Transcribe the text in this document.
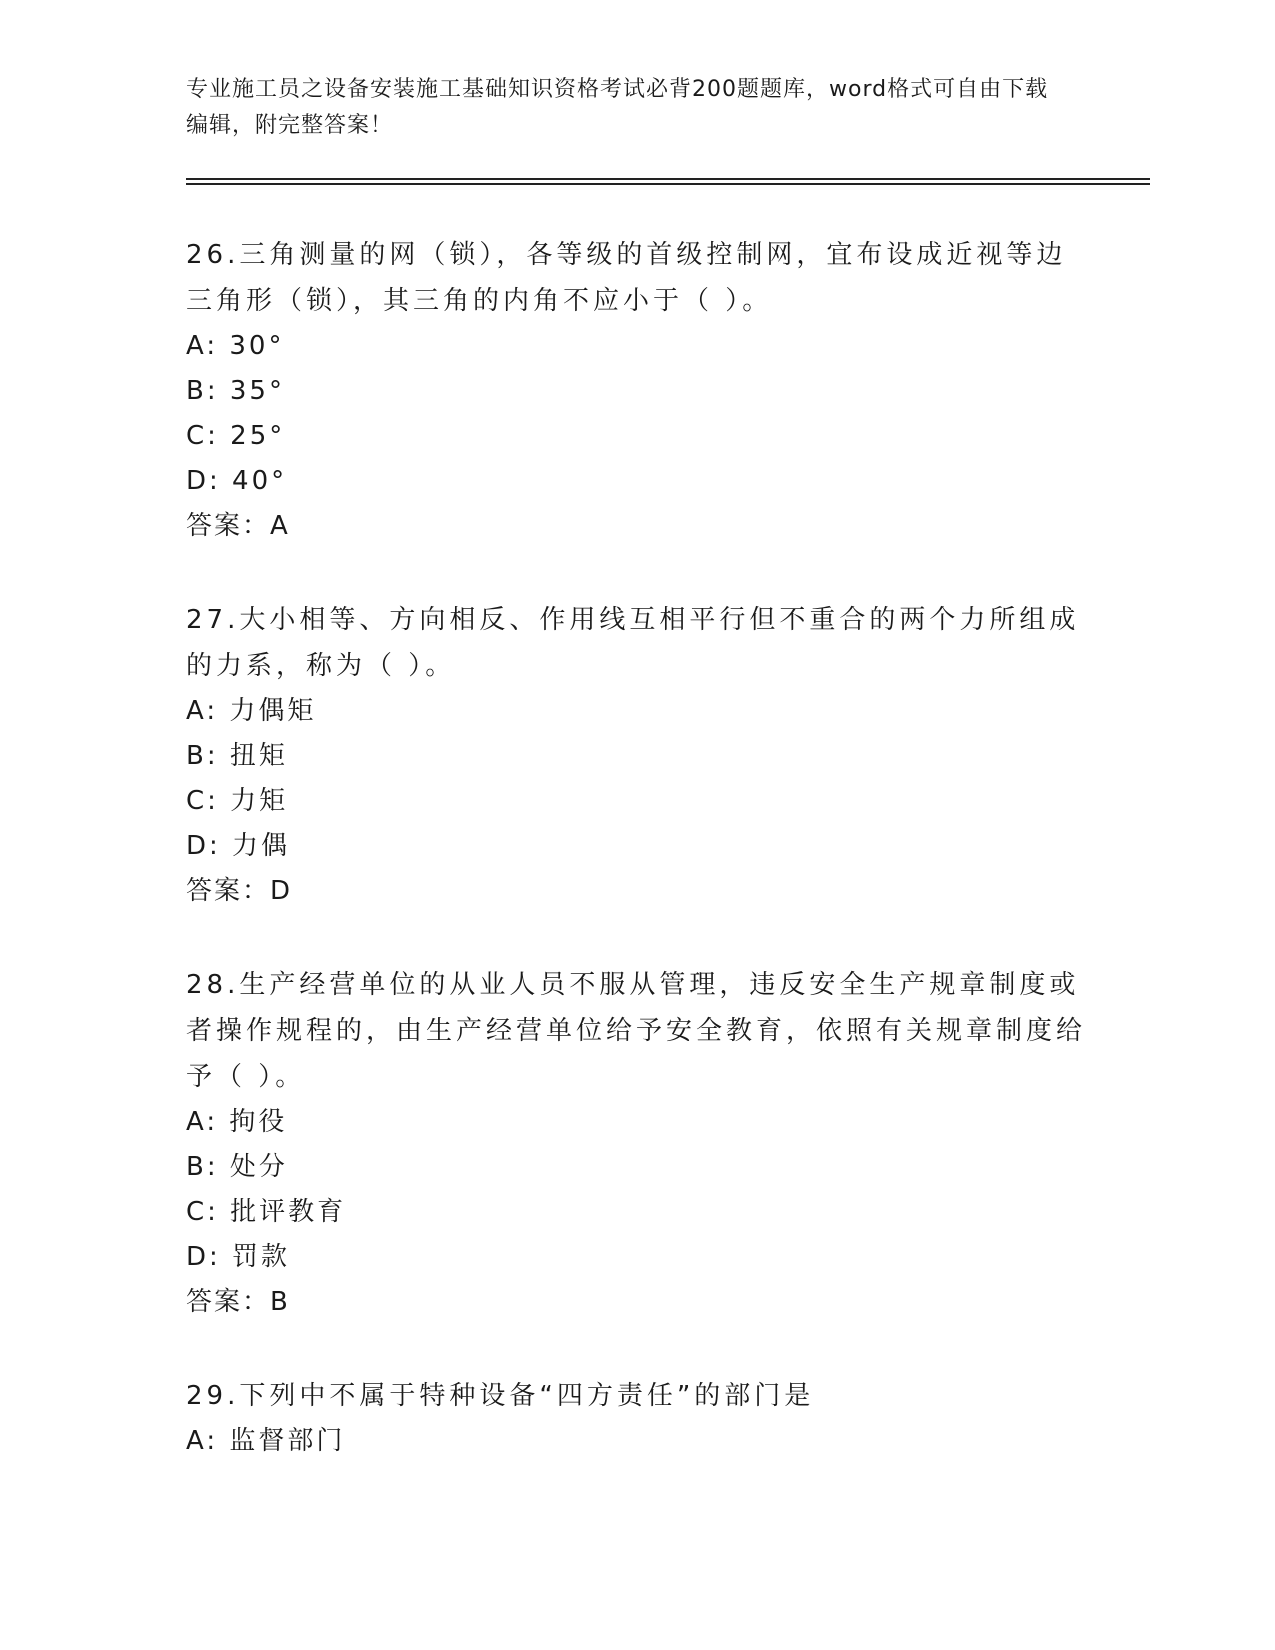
专业施工员之设备安装施工基础知识资格考试必背200题题库，word格式可自由下载编辑，附完整答案！

26.三角测量的网（锁），各等级的首级控制网，宜布设成近视等边三角形（锁），其三角的内角不应小于（ ）。

A: 30°

B: 35°

C: 25°

D: 40°

答案：A

27.大小相等、方向相反、作用线互相平行但不重合的两个力所组成的力系，称为（ ）。

A: 力偶矩

B: 扭矩

C: 力矩

D: 力偶

答案：D

28.生产经营单位的从业人员不服从管理，违反安全生产规章制度或者操作规程的，由生产经营单位给予安全教育，依照有关规章制度给予（ ）。

A: 拘役

B: 处分

C: 批评教育

D: 罚款

答案：B

29.下列中不属于特种设备“四方责任”的部门是

A: 监督部门
